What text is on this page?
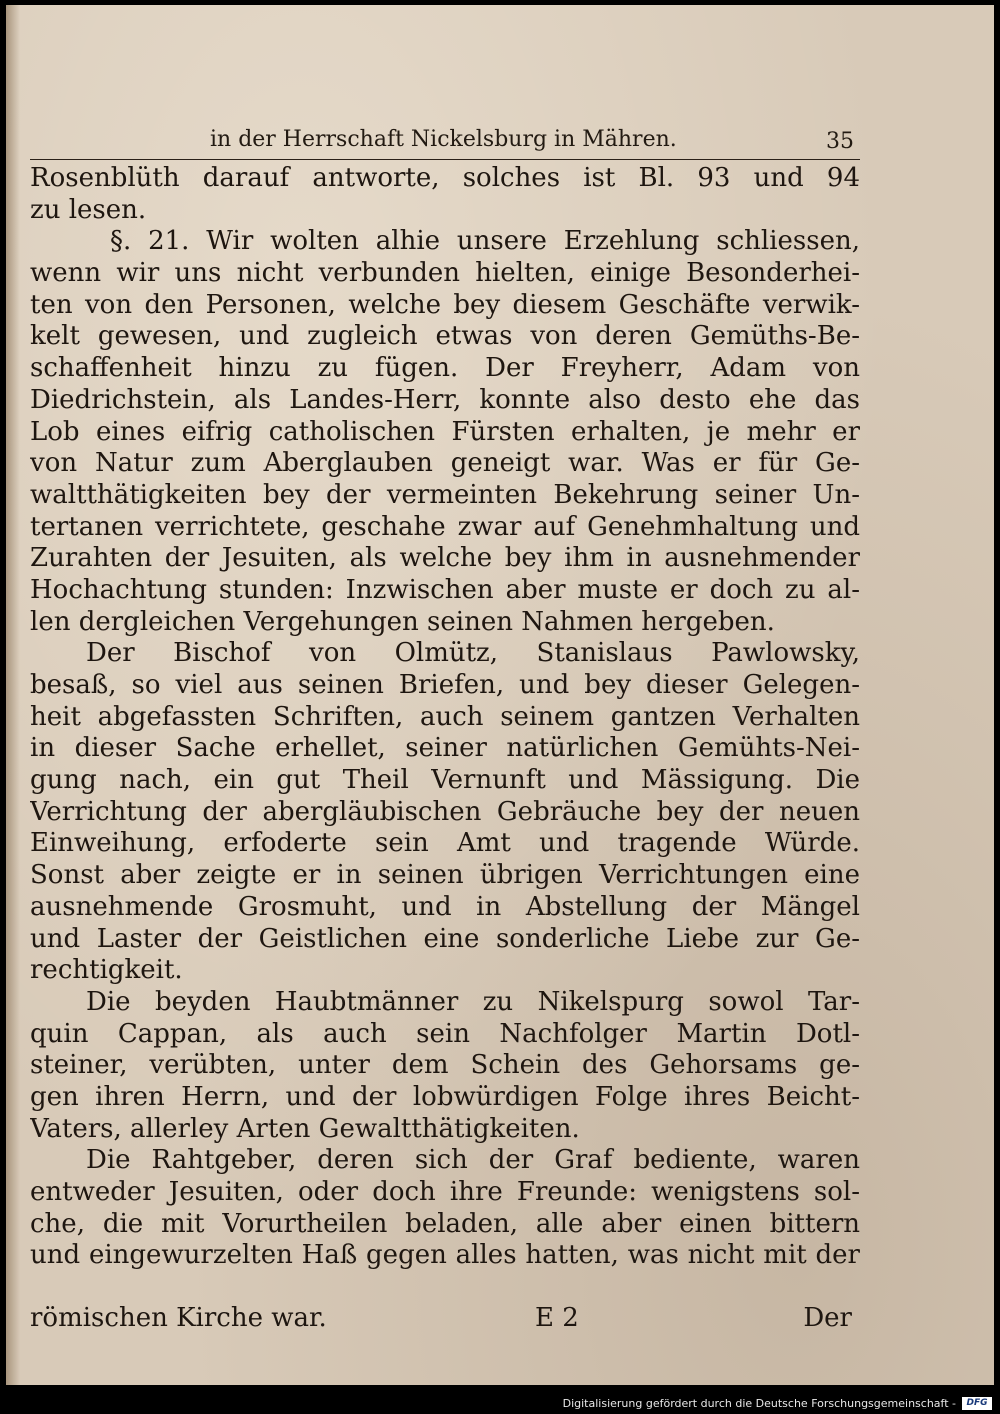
in der Herrschaft Nickelsburg in Mähren.	35
Rosenblüth darauf antworte, solches ist Bl. 93 und 94
zu lesen.
§. 21. Wir wolten alhie unsere Erzehlung schliessen,
wenn wir uns nicht verbunden hielten, einige Besonderhei-
ten von den Personen, welche bey diesem Geschäfte verwik-
kelt gewesen, und zugleich etwas von deren Gemüths-Be-
schaffenheit hinzu zu fügen. Der Freyherr, Adam von
Diedrichstein, als Landes-Herr, konnte also desto ehe das
Lob eines eifrig catholischen Fürsten erhalten, je mehr er
von Natur zum Aberglauben geneigt war. Was er für Ge-
waltthätigkeiten bey der vermeinten Bekehrung seiner Un-
tertanen verrichtete, geschahe zwar auf Genehmhaltung und
Zurahten der Jesuiten, als welche bey ihm in ausnehmender
Hochachtung stunden: Inzwischen aber muste er doch zu al-
len dergleichen Vergehungen seinen Nahmen hergeben.
Der Bischof von Olmütz, Stanislaus Pawlowsky,
besaß, so viel aus seinen Briefen, und bey dieser Gelegen-
heit abgefassten Schriften, auch seinem gantzen Verhalten
in dieser Sache erhellet, seiner natürlichen Gemühts-Nei-
gung nach, ein gut Theil Vernunft und Mässigung. Die
Verrichtung der abergläubischen Gebräuche bey der neuen
Einweihung, erfoderte sein Amt und tragende Würde.
Sonst aber zeigte er in seinen übrigen Verrichtungen eine
ausnehmende Grosmuht, und in Abstellung der Mängel
und Laster der Geistlichen eine sonderliche Liebe zur Ge-
rechtigkeit.
Die beyden Haubtmänner zu Nikelspurg sowol Tar-
quin Cappan, als auch sein Nachfolger Martin Dotl-
steiner, verübten, unter dem Schein des Gehorsams ge-
gen ihren Herrn, und der lobwürdigen Folge ihres Beicht-
Vaters, allerley Arten Gewaltthätigkeiten.
Die Rahtgeber, deren sich der Graf bediente, waren
entweder Jesuiten, oder doch ihre Freunde: wenigstens sol-
che, die mit Vorurtheilen beladen, alle aber einen bittern
und eingewurzelten Haß gegen alles hatten, was nicht mit der
römischen Kirche war.	E 2	Der
Digitalisierung gefördert durch die Deutsche Forschungsgemeinschaft -	DFG
